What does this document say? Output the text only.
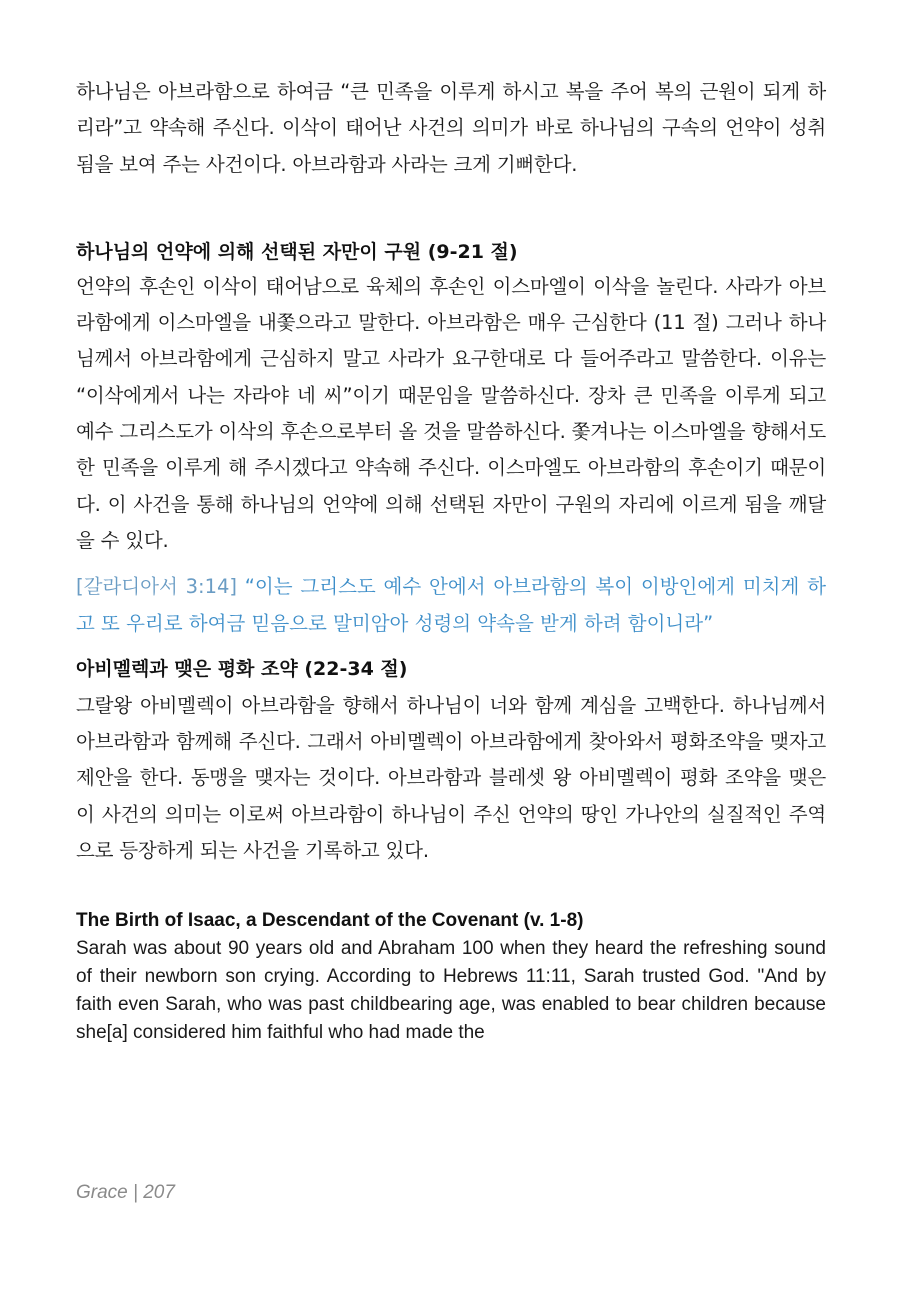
하나님은 아브라함으로 하여금 “큰 민족을 이루게 하시고 복을 주어 복의 근원이 되게 하리라”고 약속해 주신다. 이삭이 태어난 사건의 의미가 바로 하나님의 구속의 언약이 성취됨을 보여 주는 사건이다. 아브라함과 사라는 크게 기뻐한다.

하나님의 언약에 의해 선택된 자만이 구원 (9-21 절)

언약의 후손인 이삭이 태어남으로 육체의 후손인 이스마엘이 이삭을 놀린다. 사라가 아브라함에게 이스마엘을 내쫓으라고 말한다. 아브라함은 매우 근심한다 (11 절) 그러나 하나님께서 아브라함에게 근심하지 말고 사라가 요구한대로 다 들어주라고 말씀한다. 이유는 “이삭에게서 나는 자라야 네 씨”이기 때문임을 말씀하신다. 장차 큰 민족을 이루게 되고 예수 그리스도가 이삭의 후손으로부터 올 것을 말씀하신다. 쫓겨나는 이스마엘을 향해서도 한 민족을 이루게 해 주시겠다고 약속해 주신다. 이스마엘도 아브라함의 후손이기 때문이다. 이 사건을 통해 하나님의 언약에 의해 선택된 자만이 구원의 자리에 이르게 됨을 깨달을 수 있다.

[갈라디아서 3:14] “이는 그리스도 예수 안에서 아브라함의 복이 이방인에게 미치게 하고 또 우리로 하여금 믿음으로 말미암아 성령의 약속을 받게 하려 함이니라”

아비멜렉과 맺은 평화 조약 (22-34 절)

그랄왕 아비멜렉이 아브라함을 향해서 하나님이 너와 함께 계심을 고백한다. 하나님께서 아브라함과 함께해 주신다. 그래서 아비멜렉이 아브라함에게 찾아와서 평화조약을 맺자고 제안을 한다. 동맹을 맺자는 것이다. 아브라함과 블레셋 왕 아비멜렉이 평화 조약을 맺은 이 사건의 의미는 이로써 아브라함이 하나님이 주신 언약의 땅인 가나안의 실질적인 주역으로 등장하게 되는 사건을 기록하고 있다.

The Birth of Isaac, a Descendant of the Covenant (v. 1-8)

Sarah was about 90 years old and Abraham 100 when they heard the refreshing sound of their newborn son crying. According to Hebrews 11:11, Sarah trusted God. "And by faith even Sarah, who was past childbearing age, was enabled to bear children because she[a] considered him faithful who had made the

Grace | 207
